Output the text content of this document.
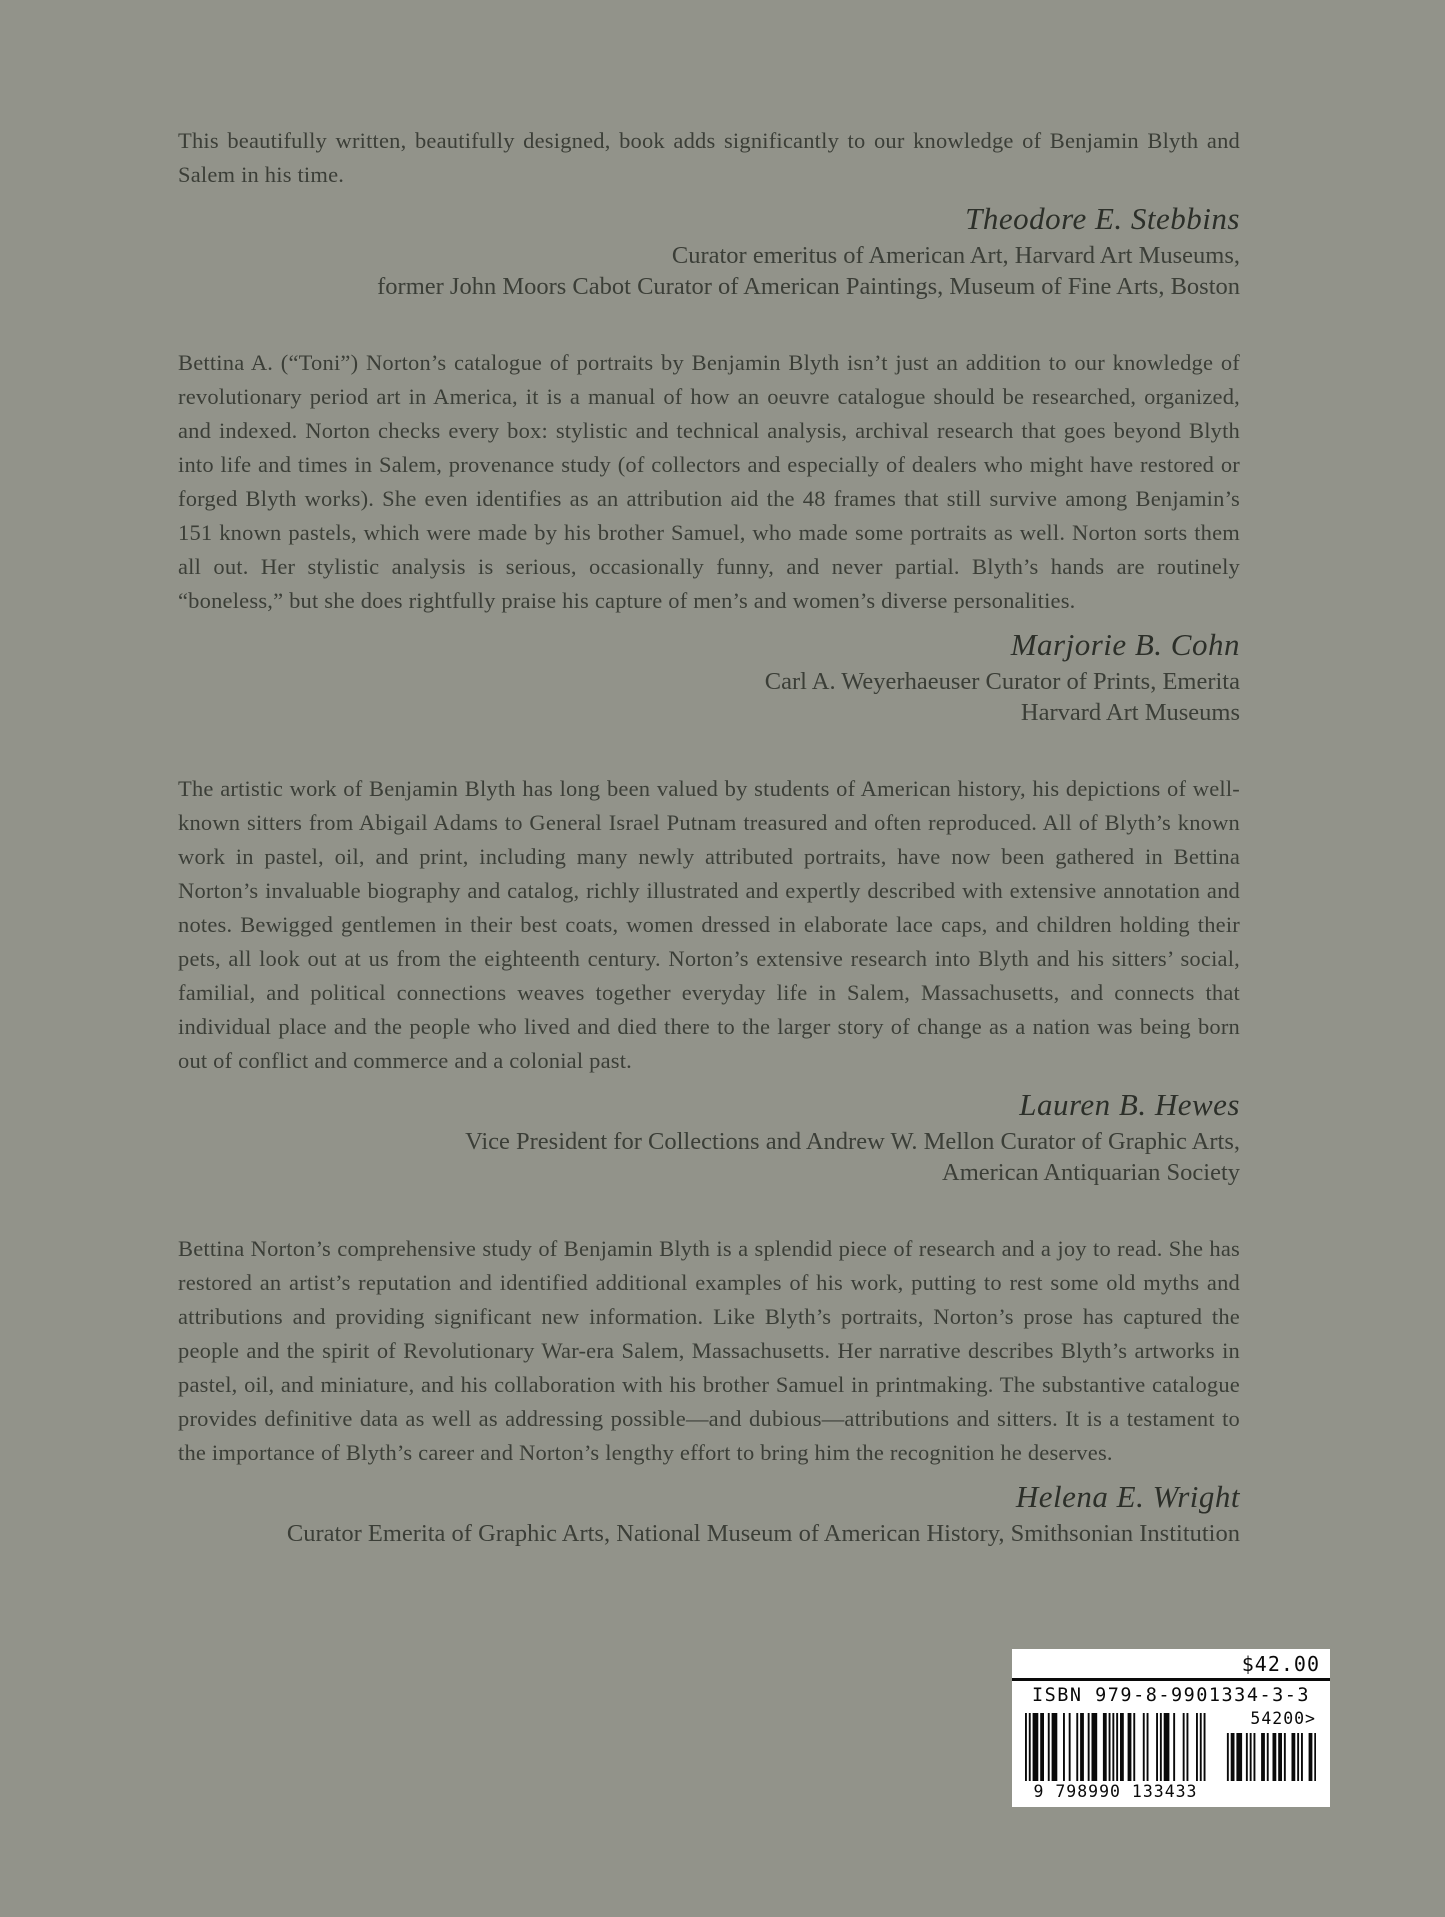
This beautifully written, beautifully designed, book adds significantly to our knowledge of Benjamin Blyth and Salem in his time.

Theodore E. Stebbins

Curator emeritus of American Art, Harvard Art Museums,

former John Moors Cabot Curator of American Paintings, Museum of Fine Arts, Boston

Bettina A. (“Toni”) Norton’s catalogue of portraits by Benjamin Blyth isn’t just an addition to our knowledge of revolutionary period art in America, it is a manual of how an oeuvre catalogue should be researched, organized, and indexed. Norton checks every box: stylistic and technical analysis, archival research that goes beyond Blyth into life and times in Salem, provenance study (of collectors and especially of dealers who might have restored or forged Blyth works). She even identifies as an attribution aid the 48 frames that still survive among Benjamin’s 151 known pastels, which were made by his brother Samuel, who made some portraits as well. Norton sorts them all out. Her stylistic analysis is serious, occasionally funny, and never partial. Blyth’s hands are routinely “boneless,” but she does rightfully praise his capture of men’s and women’s diverse personalities.

Marjorie B. Cohn

Carl A. Weyerhaeuser Curator of Prints, Emerita

Harvard Art Museums

The artistic work of Benjamin Blyth has long been valued by students of American history, his depictions of well-known sitters from Abigail Adams to General Israel Putnam treasured and often reproduced. All of Blyth’s known work in pastel, oil, and print, including many newly attributed portraits, have now been gathered in Bettina Norton’s invaluable biography and catalog, richly illustrated and expertly described with extensive annotation and notes. Bewigged gentlemen in their best coats, women dressed in elaborate lace caps, and children holding their pets, all look out at us from the eighteenth century. Norton’s extensive research into Blyth and his sitters’ social, familial, and political connections weaves together everyday life in Salem, Massachusetts, and connects that individual place and the people who lived and died there to the larger story of change as a nation was being born out of conflict and commerce and a colonial past.

Lauren B. Hewes

Vice President for Collections and Andrew W. Mellon Curator of Graphic Arts,

American Antiquarian Society

Bettina Norton’s comprehensive study of Benjamin Blyth is a splendid piece of research and a joy to read. She has restored an artist’s reputation and identified additional examples of his work, putting to rest some old myths and attributions and providing significant new information. Like Blyth’s portraits, Norton’s prose has captured the people and the spirit of Revolutionary War-era Salem, Massachusetts. Her narrative describes Blyth’s artworks in pastel, oil, and miniature, and his collaboration with his brother Samuel in printmaking. The substantive catalogue provides definitive data as well as addressing possible—and dubious—attributions and sitters. It is a testament to the importance of Blyth’s career and Norton’s lengthy effort to bring him the recognition he deserves.

Helena E. Wright

Curator Emerita of Graphic Arts, National Museum of American History, Smithsonian Institution

$42.00
ISBN 979-8-9901334-3-3
54200>
9 798990 133433
